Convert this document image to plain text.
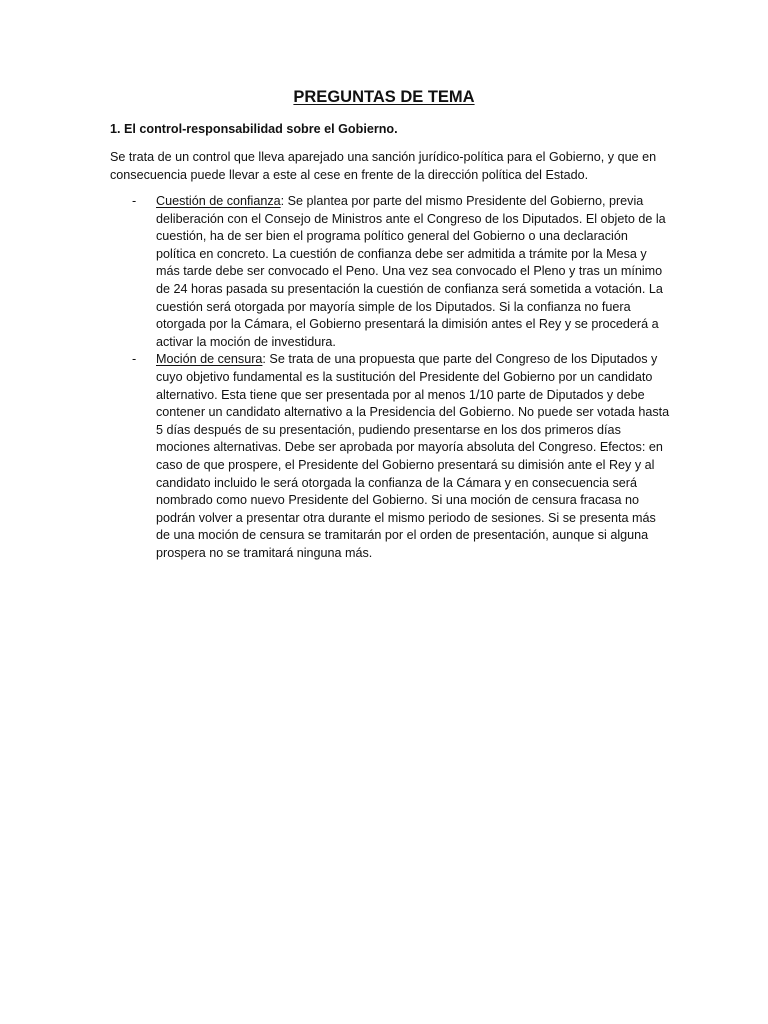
PREGUNTAS DE TEMA

1. El control-responsabilidad sobre el Gobierno.

Se trata de un control que lleva aparejado una sanción jurídico-política para el Gobierno, y que en consecuencia puede llevar a este al cese en frente de la dirección política del Estado.

- Cuestión de confianza: Se plantea por parte del mismo Presidente del Gobierno, previa deliberación con el Consejo de Ministros ante el Congreso de los Diputados. El objeto de la cuestión, ha de ser bien el programa político general del Gobierno o una declaración política en concreto. La cuestión de confianza debe ser admitida a trámite por la Mesa y más tarde debe ser convocado el Peno. Una vez sea convocado el Pleno y tras un mínimo de 24 horas pasada su presentación la cuestión de confianza será sometida a votación. La cuestión será otorgada por mayoría simple de los Diputados. Si la confianza no fuera otorgada por la Cámara, el Gobierno presentará la dimisión antes el Rey y se procederá a activar la moción de investidura.
- Moción de censura: Se trata de una propuesta que parte del Congreso de los Diputados y cuyo objetivo fundamental es la sustitución del Presidente del Gobierno por un candidato alternativo. Esta tiene que ser presentada por al menos 1/10 parte de Diputados y debe contener un candidato alternativo a la Presidencia del Gobierno. No puede ser votada hasta 5 días después de su presentación, pudiendo presentarse en los dos primeros días mociones alternativas. Debe ser aprobada por mayoría absoluta del Congreso. Efectos: en caso de que prospere, el Presidente del Gobierno presentará su dimisión ante el Rey y al candidato incluido le será otorgada la confianza de la Cámara y en consecuencia será nombrado como nuevo Presidente del Gobierno. Si una moción de censura fracasa no podrán volver a presentar otra durante el mismo periodo de sesiones. Si se presenta más de una moción de censura se tramitarán por el orden de presentación, aunque si alguna prospera no se tramitará ninguna más.
